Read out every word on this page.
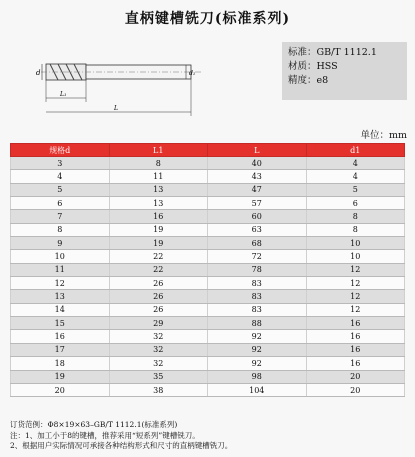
直柄键槽铣刀(标准系列)
d	d₁
L₁
L
标准：GB/T 1112.1
材质：HSS
精度：e8
单位：mm
规格d	L1	L	d1
3	8	40	4
4	11	43	4
5	13	47	5
6	13	57	6
7	16	60	8
8	19	63	8
9	19	68	10
10	22	72	10
11	22	78	12
12	26	83	12
13	26	83	12
14	26	83	12
15	29	88	16
16	32	92	16
17	32	92	16
18	32	92	16
19	35	98	20
20	38	104	20
订货范例：Φ8×19×63–GB/T 1112.1(标准系列)
注：1、加工小于8的键槽，推荐采用“短系列”键槽铣刀。
2、根据用户实际情况可承接各种结构形式和尺寸的直柄键槽铣刀。
